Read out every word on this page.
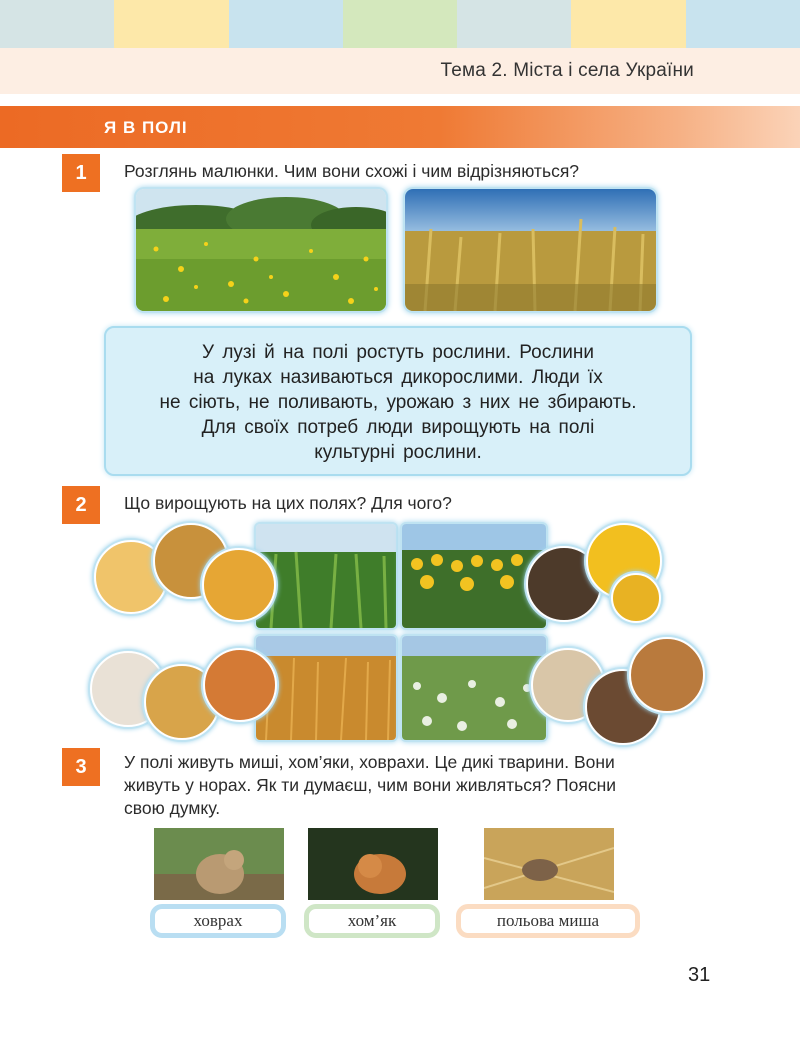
Тема 2. Міста і села України
Я В ПОЛІ
1	Розглянь малюнки. Чим вони схожі і чим відрізняються?

У лузі й на полі ростуть рослини. Рослини
на луках називаються дикорослими. Люди їх
не сіють, не поливають, урожаю з них не збирають.
Для своїх потреб люди вирощують на полі
культурні рослини.

2	Що вирощують на цих полях? Для чого?
3	У полі живуть миші, хом’яки, ховрахи. Це дикі тварини. Вони
живуть у норах. Як ти думаєш, чим вони живляться? Поясни
свою думку.
ховрах	хом’як	польова миша
31
